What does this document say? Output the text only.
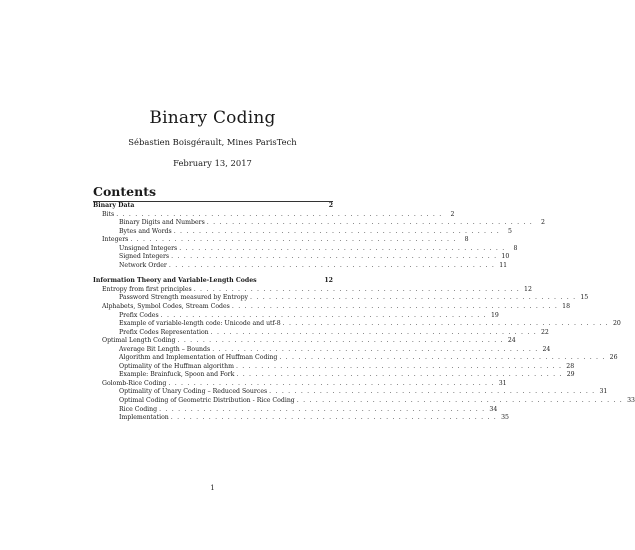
Binary Coding
Sébastien Boisgérault, Mines ParisTech
February 13, 2017
Contents
Binary Data	2
Bits . . . . . . . . . . . . . . . . . . . . . . . . . . . . . . . . . . . . . . . . . . . . . . . . . . . .	2
Binary Digits and Numbers . . . . . . . . . . . . . . . . . . . . . . . . . . . . . . . . . . . . . . . . . . . . . . . . . . . .	2
Bytes and Words . . . . . . . . . . . . . . . . . . . . . . . . . . . . . . . . . . . . . . . . . . . . . . . . . . . .	5
Integers . . . . . . . . . . . . . . . . . . . . . . . . . . . . . . . . . . . . . . . . . . . . . . . . . . . .	8
Unsigned Integers . . . . . . . . . . . . . . . . . . . . . . . . . . . . . . . . . . . . . . . . . . . . . . . . . . . .	8
Signed Integers . . . . . . . . . . . . . . . . . . . . . . . . . . . . . . . . . . . . . . . . . . . . . . . . . . . . 10
Network Order . . . . . . . . . . . . . . . . . . . . . . . . . . . . . . . . . . . . . . . . . . . . . . . . . . . . 11
Information Theory and Variable-Length Codes	12
Entropy from first principles . . . . . . . . . . . . . . . . . . . . . . . . . . . . . . . . . . . . . . . . . . . . . . . . . . . . 12
Password Strength measured by Entropy . . . . . . . . . . . . . . . . . . . . . . . . . . . . . . . . . . . . . . . . . . . . . . . . . . . . 15
Alphabets, Symbol Codes, Stream Codes . . . . . . . . . . . . . . . . . . . . . . . . . . . . . . . . . . . . . . . . . . . . . . . . . . . . 18
Prefix Codes . . . . . . . . . . . . . . . . . . . . . . . . . . . . . . . . . . . . . . . . . . . . . . . . . . . . 19
Example of variable-length code: Unicode and utf-8 . . . . . . . . . . . . . . . . . . . . . . . . . . . . . . . . . . . . . . . . . . . . . . . . . . . . 20
Prefix Codes Representation . . . . . . . . . . . . . . . . . . . . . . . . . . . . . . . . . . . . . . . . . . . . . . . . . . . . 22
Optimal Length Coding . . . . . . . . . . . . . . . . . . . . . . . . . . . . . . . . . . . . . . . . . . . . . . . . . . . . 24
Average Bit Length – Bounds . . . . . . . . . . . . . . . . . . . . . . . . . . . . . . . . . . . . . . . . . . . . . . . . . . . . 24
Algorithm and Implementation of Huffman Coding . . . . . . . . . . . . . . . . . . . . . . . . . . . . . . . . . . . . . . . . . . . . . . . . . . . . 26
Optimality of the Huffman algorithm . . . . . . . . . . . . . . . . . . . . . . . . . . . . . . . . . . . . . . . . . . . . . . . . . . . . 28
Example: Brainfuck, Spoon and Fork . . . . . . . . . . . . . . . . . . . . . . . . . . . . . . . . . . . . . . . . . . . . . . . . . . . . 29
Golomb-Rice Coding . . . . . . . . . . . . . . . . . . . . . . . . . . . . . . . . . . . . . . . . . . . . . . . . . . . . 31
Optimality of Unary Coding – Reduced Sources . . . . . . . . . . . . . . . . . . . . . . . . . . . . . . . . . . . . . . . . . . . . . . . . . . . . 31
Optimal Coding of Geometric Distribution - Rice Coding . . . . . . . . . . . . . . . . . . . . . . . . . . . . . . . . . . . . . . . . . . . . . . . . . . . . 33
Rice Coding . . . . . . . . . . . . . . . . . . . . . . . . . . . . . . . . . . . . . . . . . . . . . . . . . . . . 34
Implementation . . . . . . . . . . . . . . . . . . . . . . . . . . . . . . . . . . . . . . . . . . . . . . . . . . . . 35
1
